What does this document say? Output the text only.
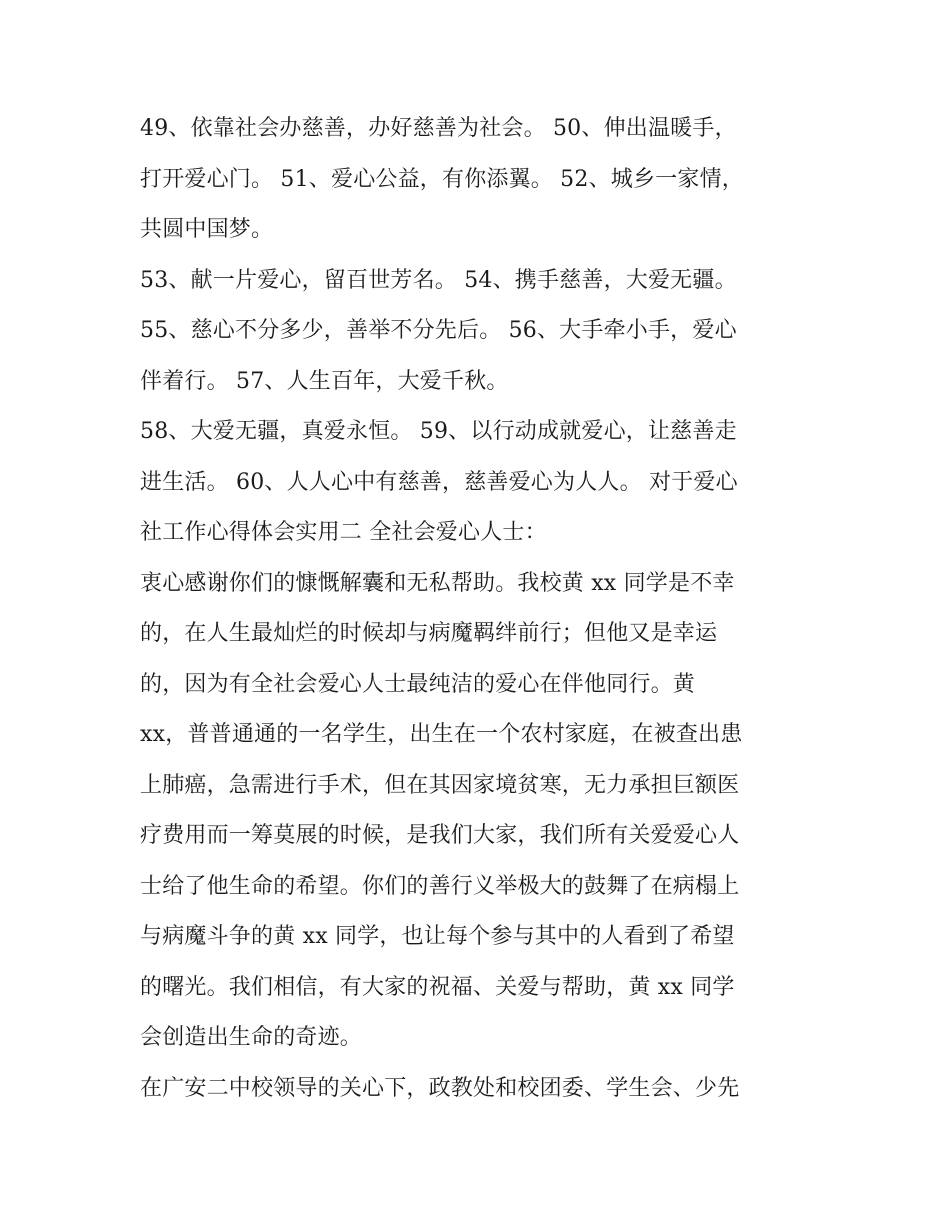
49、依靠社会办慈善，办好慈善为社会。 50、伸出温暖手，
打开爱心门。 51、爱心公益，有你添翼。 52、城乡一家情，
共圆中国梦。
53、献一片爱心，留百世芳名。 54、携手慈善，大爱无疆。
55、慈心不分多少，善举不分先后。 56、大手牵小手，爱心
伴着行。 57、人生百年，大爱千秋。
58、大爱无疆，真爱永恒。 59、以行动成就爱心，让慈善走
进生活。 60、人人心中有慈善，慈善爱心为人人。 对于爱心
社工作心得体会实用二 全社会爱心人士：
衷心感谢你们的慷慨解囊和无私帮助。我校黄 xx 同学是不幸
的，在人生最灿烂的时候却与病魔羁绊前行；但他又是幸运
的，因为有全社会爱心人士最纯洁的爱心在伴他同行。黄
xx，普普通通的一名学生，出生在一个农村家庭，在被查出患
上肺癌，急需进行手术，但在其因家境贫寒，无力承担巨额医
疗费用而一筹莫展的时候，是我们大家，我们所有关爱爱心人
士给了他生命的希望。你们的善行义举极大的鼓舞了在病榻上
与病魔斗争的黄 xx 同学，也让每个参与其中的人看到了希望
的曙光。我们相信，有大家的祝福、关爱与帮助，黄 xx 同学
会创造出生命的奇迹。
在广安二中校领导的关心下，政教处和校团委、学生会、少先
